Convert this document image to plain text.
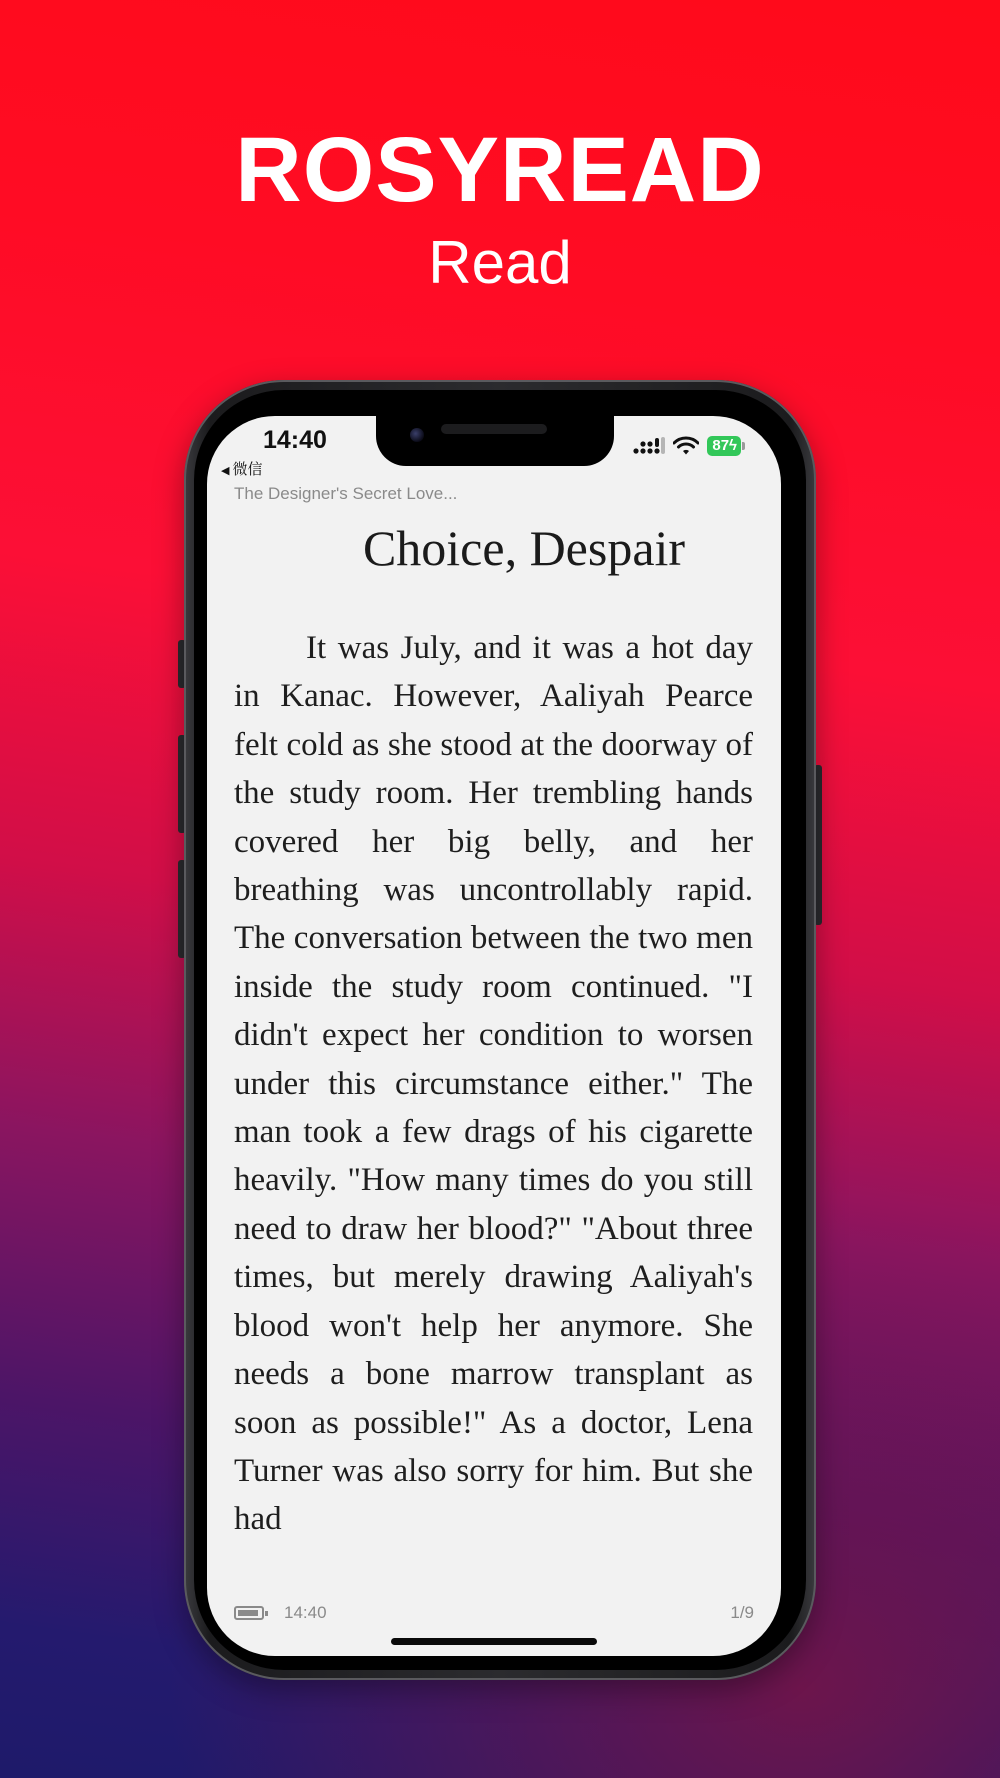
ROSYREAD
Read
14:40
◀ 微信
87ϟ
The Designer's Secret Love...
Choice, Despair

It was July, and it was a hot day in Kanac. However, Aaliyah Pearce felt cold as she stood at the doorway of the study room. Her trembling hands covered her big belly, and her breathing was uncontrollably rapid. The conversation between the two men inside the study room continued. "I didn't expect her condition to worsen under this circumstance either." The man took a few drags of his cigarette heavily. "How many times do you still need to draw her blood?" "About three times, but merely drawing Aaliyah's blood won't help her anymore. She needs a bone marrow transplant as soon as possible!" As a doctor, Lena Turner was also sorry for him. But she had

14:40	1/9
